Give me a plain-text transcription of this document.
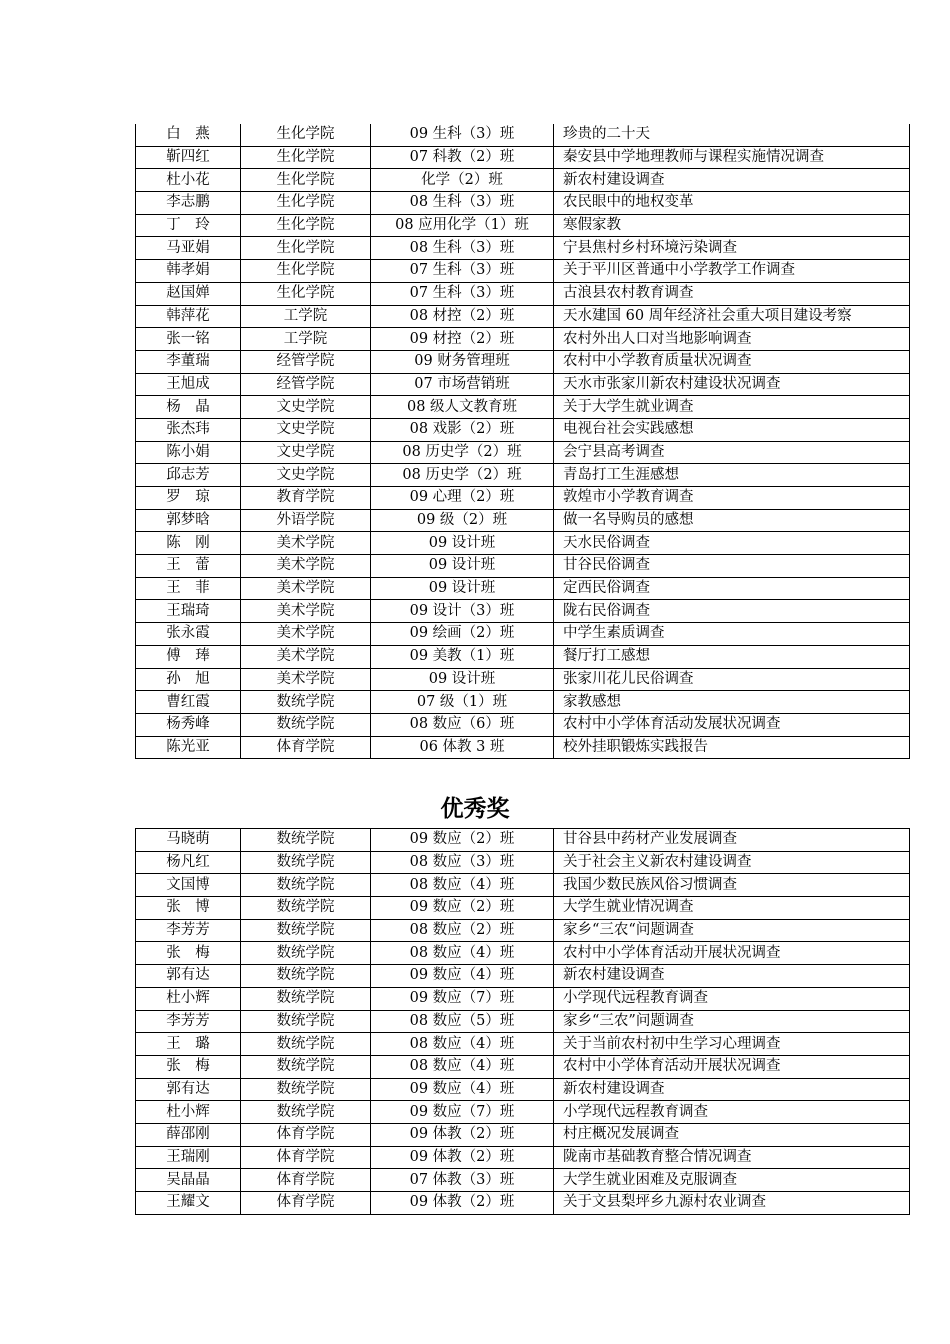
白　燕	生化学院	09 生科（3）班	珍贵的二十天
靳四红	生化学院	07 科教（2）班	秦安县中学地理教师与课程实施情况调查
杜小花	生化学院	化学（2）班	新农村建设调查
李志鹏	生化学院	08 生科（3）班	农民眼中的地权变革
丁　玲	生化学院	08 应用化学（1）班	寒假家教
马亚娟	生化学院	08 生科（3）班	宁县焦村乡村环境污染调查
韩孝娟	生化学院	07 生科（3）班	关于平川区普通中小学教学工作调查
赵国婵	生化学院	07 生科（3）班	古浪县农村教育调查
韩萍花	工学院	08 材控（2）班	天水建国 60 周年经济社会重大项目建设考察
张一铭	工学院	09 材控（2）班	农村外出人口对当地影响调查
李董瑞	经管学院	09 财务管理班	农村中小学教育质量状况调查
王旭成	经管学院	07 市场营销班	天水市张家川新农村建设状况调查
杨　晶	文史学院	08 级人文教育班	关于大学生就业调查
张杰玮	文史学院	08 戏影（2）班	电视台社会实践感想
陈小娟	文史学院	08 历史学（2）班	会宁县高考调查
邱志芳	文史学院	08 历史学（2）班	青岛打工生涯感想
罗　琼	教育学院	09 心理（2）班	敦煌市小学教育调查
郭梦晗	外语学院	09 级（2）班	做一名导购员的感想
陈　刚	美术学院	09 设计班	天水民俗调查
王　蕾	美术学院	09 设计班	甘谷民俗调查
王　菲	美术学院	09 设计班	定西民俗调查
王瑞琦	美术学院	09 设计（3）班	陇右民俗调查
张永霞	美术学院	09 绘画（2）班	中学生素质调查
傅　琫	美术学院	09 美教（1）班	餐厅打工感想
孙　旭	美术学院	09 设计班	张家川花儿民俗调查
曹红霞	数统学院	07 级（1）班	家教感想
杨秀峰	数统学院	08 数应（6）班	农村中小学体育活动发展状况调查
陈光亚	体育学院	06 体教 3 班	校外挂职锻炼实践报告
优秀奖
马晓萌	数统学院	09 数应（2）班	甘谷县中药材产业发展调查
杨凡红	数统学院	08 数应（3）班	关于社会主义新农村建设调查
文国博	数统学院	08 数应（4）班	我国少数民族风俗习惯调查
张　博	数统学院	09 数应（2）班	大学生就业情况调查
李芳芳	数统学院	08 数应（2）班	家乡“三农“问题调查
张　梅	数统学院	08 数应（4）班	农村中小学体育活动开展状况调查
郭有达	数统学院	09 数应（4）班	新农村建设调查
杜小辉	数统学院	09 数应（7）班	小学现代远程教育调查
李芳芳	数统学院	08 数应（5）班	家乡“三农”问题调查
王　璐	数统学院	08 数应（4）班	关于当前农村初中生学习心理调查
张　梅	数统学院	08 数应（4）班	农村中小学体育活动开展状况调查
郭有达	数统学院	09 数应（4）班	新农村建设调查
杜小辉	数统学院	09 数应（7）班	小学现代远程教育调查
薛邵刚	体育学院	09 体教（2）班	村庄概况发展调查
王瑞刚	体育学院	09 体教（2）班	陇南市基础教育整合情况调查
吴晶晶	体育学院	07 体教（3）班	大学生就业困难及克服调查
王耀文	体育学院	09 体教（2）班	关于文县梨坪乡九源村农业调查
